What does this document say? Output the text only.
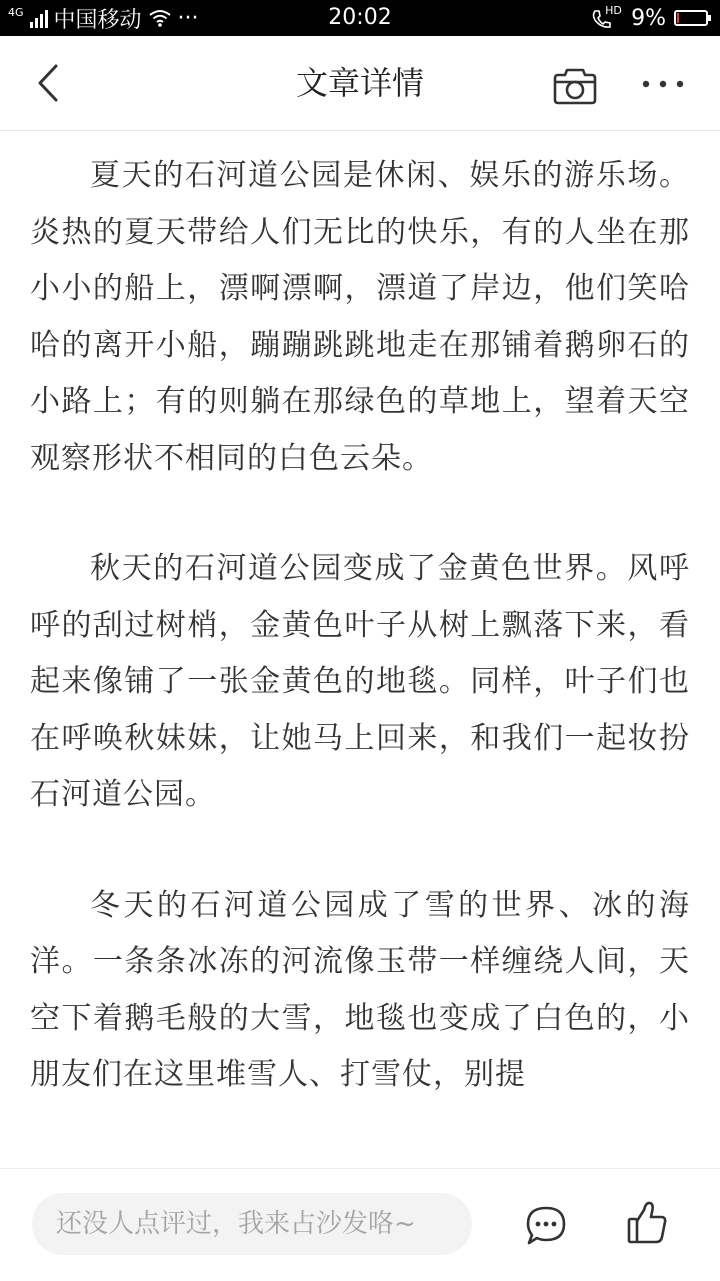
4G 中国移动 ···	20:02	HD 9%
文章详情

夏天的石河道公园是休闲、娱乐的游乐场。炎热的夏天带给人们无比的快乐，有的人坐在那小小的船上，漂啊漂啊，漂道了岸边，他们笑哈哈的离开小船，蹦蹦跳跳地走在那铺着鹅卵石的小路上；有的则躺在那绿色的草地上，望着天空观察形状不相同的白色云朵。

秋天的石河道公园变成了金黄色世界。风呼呼的刮过树梢，金黄色叶子从树上飘落下来，看起来像铺了一张金黄色的地毯。同样，叶子们也在呼唤秋妹妹，让她马上回来，和我们一起妆扮石河道公园。

冬天的石河道公园成了雪的世界、冰的海洋。一条条冰冻的河流像玉带一样缠绕人间，天空下着鹅毛般的大雪，地毯也变成了白色的，小朋友们在这里堆雪人、打雪仗，别提

还没人点评过，我来占沙发咯~
